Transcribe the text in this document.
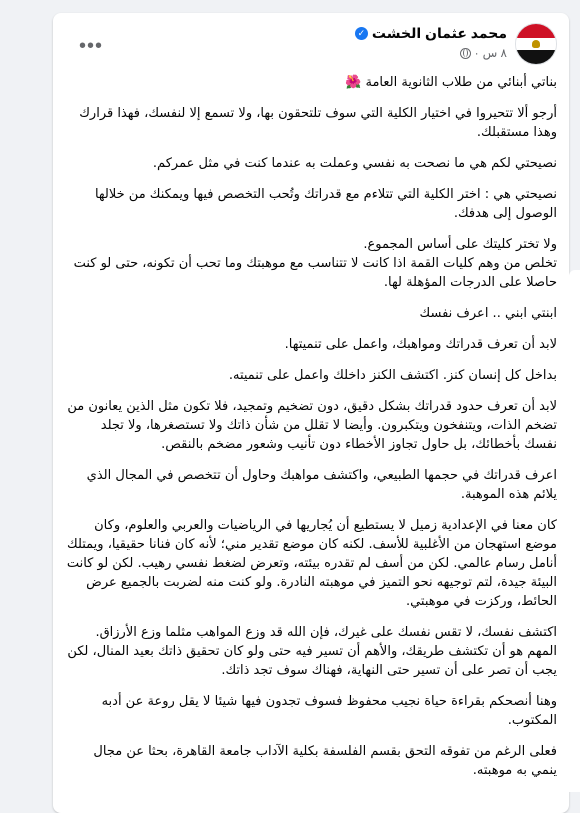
محمد عثمان الخشت
✓
٨ س
·
•••

بناتي أبنائي من طلاب الثانوية العامة 🌺

أرجو ألا تتحيروا في اختيار الكلية التي سوف تلتحقون بها، ولا تسمع إلا لنفسك، فهذا قرارك وهذا مستقبلك.

نصيحتي لكم هي ما نصحت به نفسي وعملت به عندما كنت في مثل عمركم.

نصيحتي هي : اختر الكلية التي تتلاءم مع قدراتك وتُحب التخصص فيها ويمكنك من خلالها الوصول إلى هدفك.

ولا تختر كليتك على أساس المجموع.
تخلص من وهم كليات القمة اذا كانت لا تتناسب مع موهبتك وما تحب أن تكونه، حتى لو كنت حاصلا على الدرجات المؤهلة لها.

ابنتي ابني .. اعرف نفسك

لابد أن تعرف قدراتك ومواهبك، واعمل على تنميتها.

بداخل كل إنسان كنز. اكتشف الكنز داخلك واعمل على تنميته.

لابد أن تعرف حدود قدراتك بشكل دقيق، دون تضخيم وتمجيد، فلا تكون مثل الذين يعانون من تضخم الذات، ويتنفخون ويتكبرون. وأيضا لا تقلل من شأن ذاتك ولا تستصغرها، ولا تجلد نفسك بأخطائك، بل حاول تجاوز الأخطاء دون تأنيب وشعور مضخم بالنقص.

اعرف قدراتك في حجمها الطبيعي، واكتشف مواهبك وحاول أن تتخصص في المجال الذي يلائم هذه الموهبة.

كان معنا في الإعدادية زميل لا يستطيع أن يُجاريها في الرياضيات والعربي والعلوم، وكان موضع استهجان من الأغلبية للأسف. لكنه كان موضع تقدير مني؛ لأنه كان فنانا حقيقيا، ويمتلك أنامل رسام عالمي. لكن من أسف لم تقدره بيئته، وتعرض لضغط نفسي رهيب. لكن لو كانت البيئة جيدة، لتم توجيهه نحو التميز في موهبته النادرة. ولو كنت منه لضربت بالجميع عرض الحائط، وركزت في موهبتي.

اكتشف نفسك، لا تقس نفسك على غيرك، فإن الله قد وزع المواهب مثلما وزع الأرزاق.
المهم هو أن تكتشف طريقك، والأهم أن تسير فيه حتى ولو كان تحقيق ذاتك بعيد المنال، لكن يجب أن تصر على أن تسير حتى النهاية، فهناك سوف تجد ذاتك.

وهنا أنصحكم بقراءة حياة نجيب محفوظ فسوف تجدون فيها شيئا لا يقل روعة عن أدبه المكتوب.

فعلى الرغم من تفوقه التحق بقسم الفلسفة بكلية الآداب جامعة القاهرة، بحثا عن مجال ينمي به موهبته.
